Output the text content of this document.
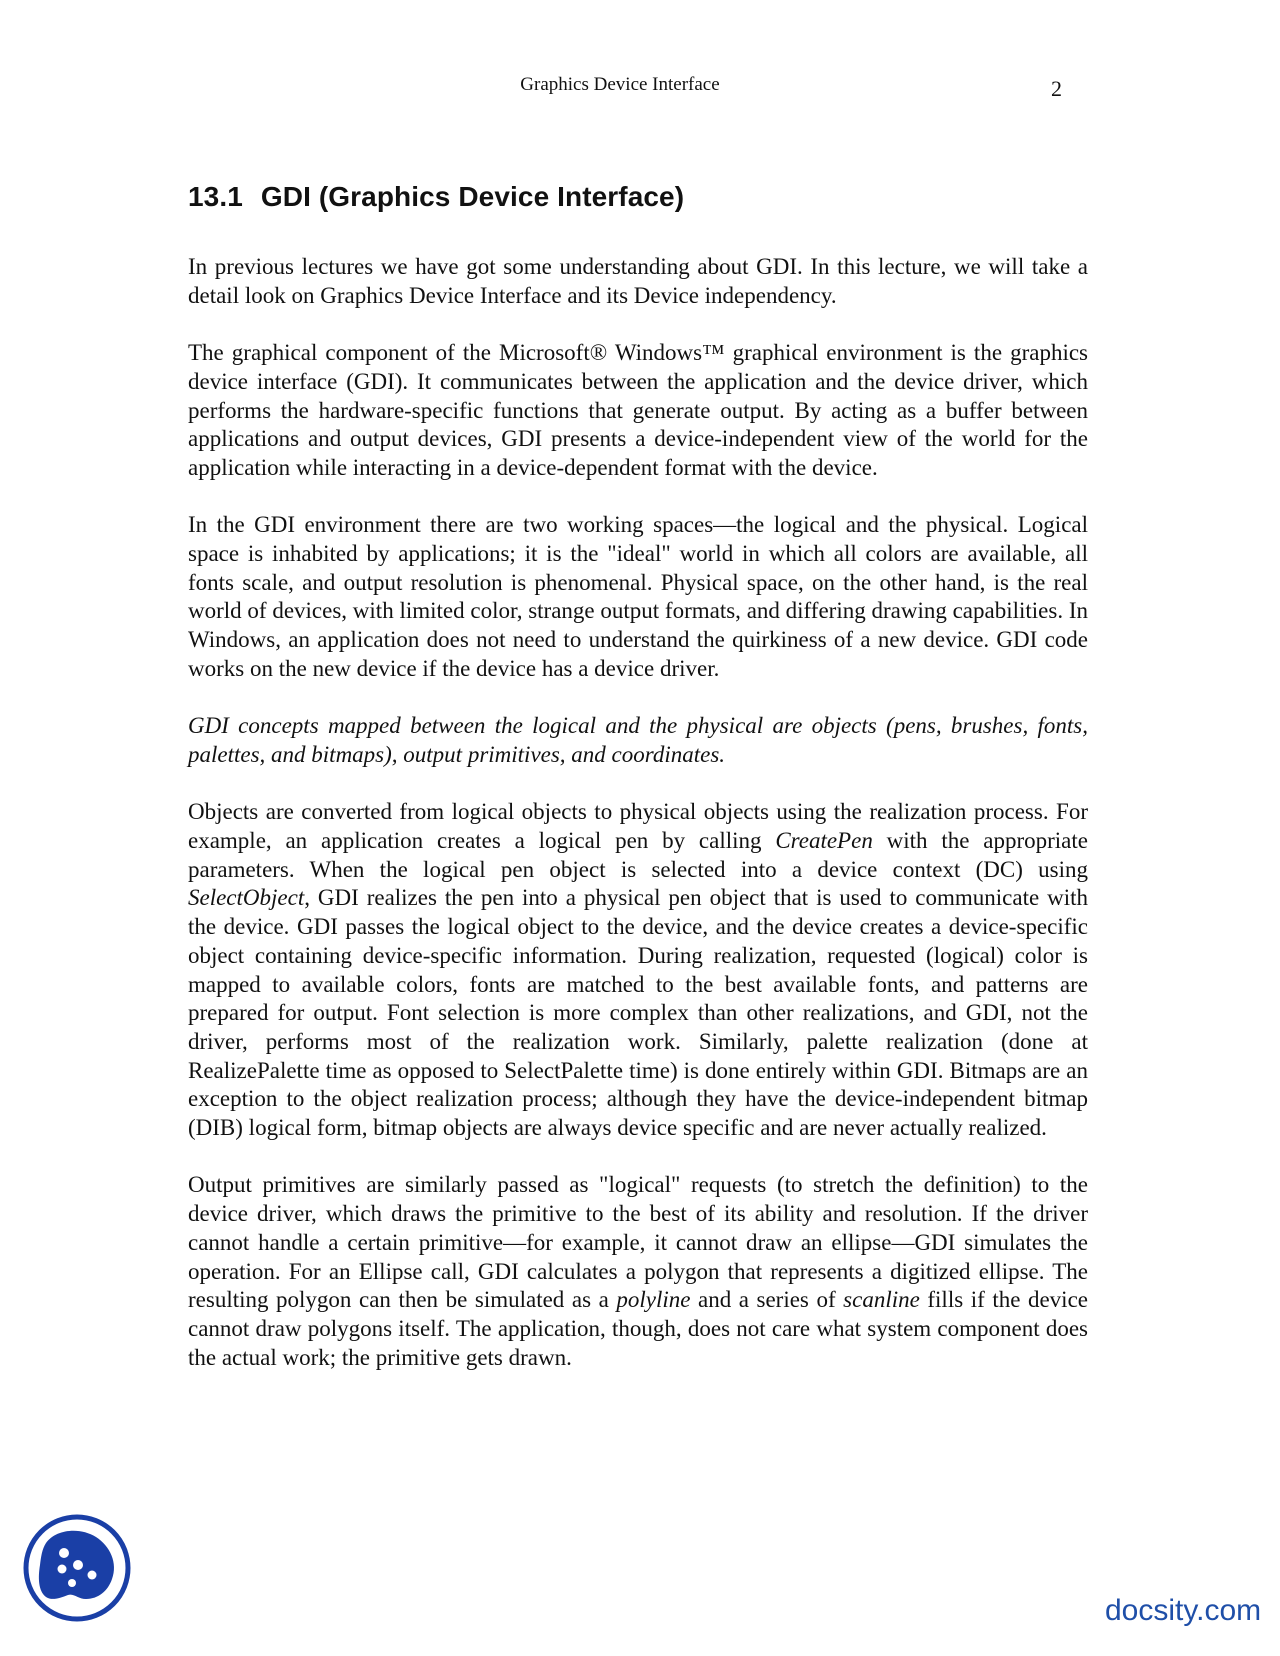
Graphics Device Interface	2
13.1 GDI (Graphics Device Interface)

In previous lectures we have got some understanding about GDI. In this lecture, we will take a detail look on Graphics Device Interface and its Device independency.

The graphical component of the Microsoft® Windows™ graphical environment is the graphics device interface (GDI). It communicates between the application and the device driver, which performs the hardware-specific functions that generate output. By acting as a buffer between applications and output devices, GDI presents a device-independent view of the world for the application while interacting in a device-dependent format with the device.

In the GDI environment there are two working spaces—the logical and the physical. Logical space is inhabited by applications; it is the "ideal" world in which all colors are available, all fonts scale, and output resolution is phenomenal. Physical space, on the other hand, is the real world of devices, with limited color, strange output formats, and differing drawing capabilities. In Windows, an application does not need to understand the quirkiness of a new device. GDI code works on the new device if the device has a device driver.

GDI concepts mapped between the logical and the physical are objects (pens, brushes, fonts, palettes, and bitmaps), output primitives, and coordinates.

Objects are converted from logical objects to physical objects using the realization process. For example, an application creates a logical pen by calling CreatePen with the appropriate parameters. When the logical pen object is selected into a device context (DC) using SelectObject, GDI realizes the pen into a physical pen object that is used to communicate with the device. GDI passes the logical object to the device, and the device creates a device-specific object containing device-specific information. During realization, requested (logical) color is mapped to available colors, fonts are matched to the best available fonts, and patterns are prepared for output. Font selection is more complex than other realizations, and GDI, not the driver, performs most of the realization work. Similarly, palette realization (done at RealizePalette time as opposed to SelectPalette time) is done entirely within GDI. Bitmaps are an exception to the object realization process; although they have the device-independent bitmap (DIB) logical form, bitmap objects are always device specific and are never actually realized.

Output primitives are similarly passed as "logical" requests (to stretch the definition) to the device driver, which draws the primitive to the best of its ability and resolution. If the driver cannot handle a certain primitive—for example, it cannot draw an ellipse—GDI simulates the operation. For an Ellipse call, GDI calculates a polygon that represents a digitized ellipse. The resulting polygon can then be simulated as a polyline and a series of scanline fills if the device cannot draw polygons itself. The application, though, does not care what system component does the actual work; the primitive gets drawn.

docsity.com
